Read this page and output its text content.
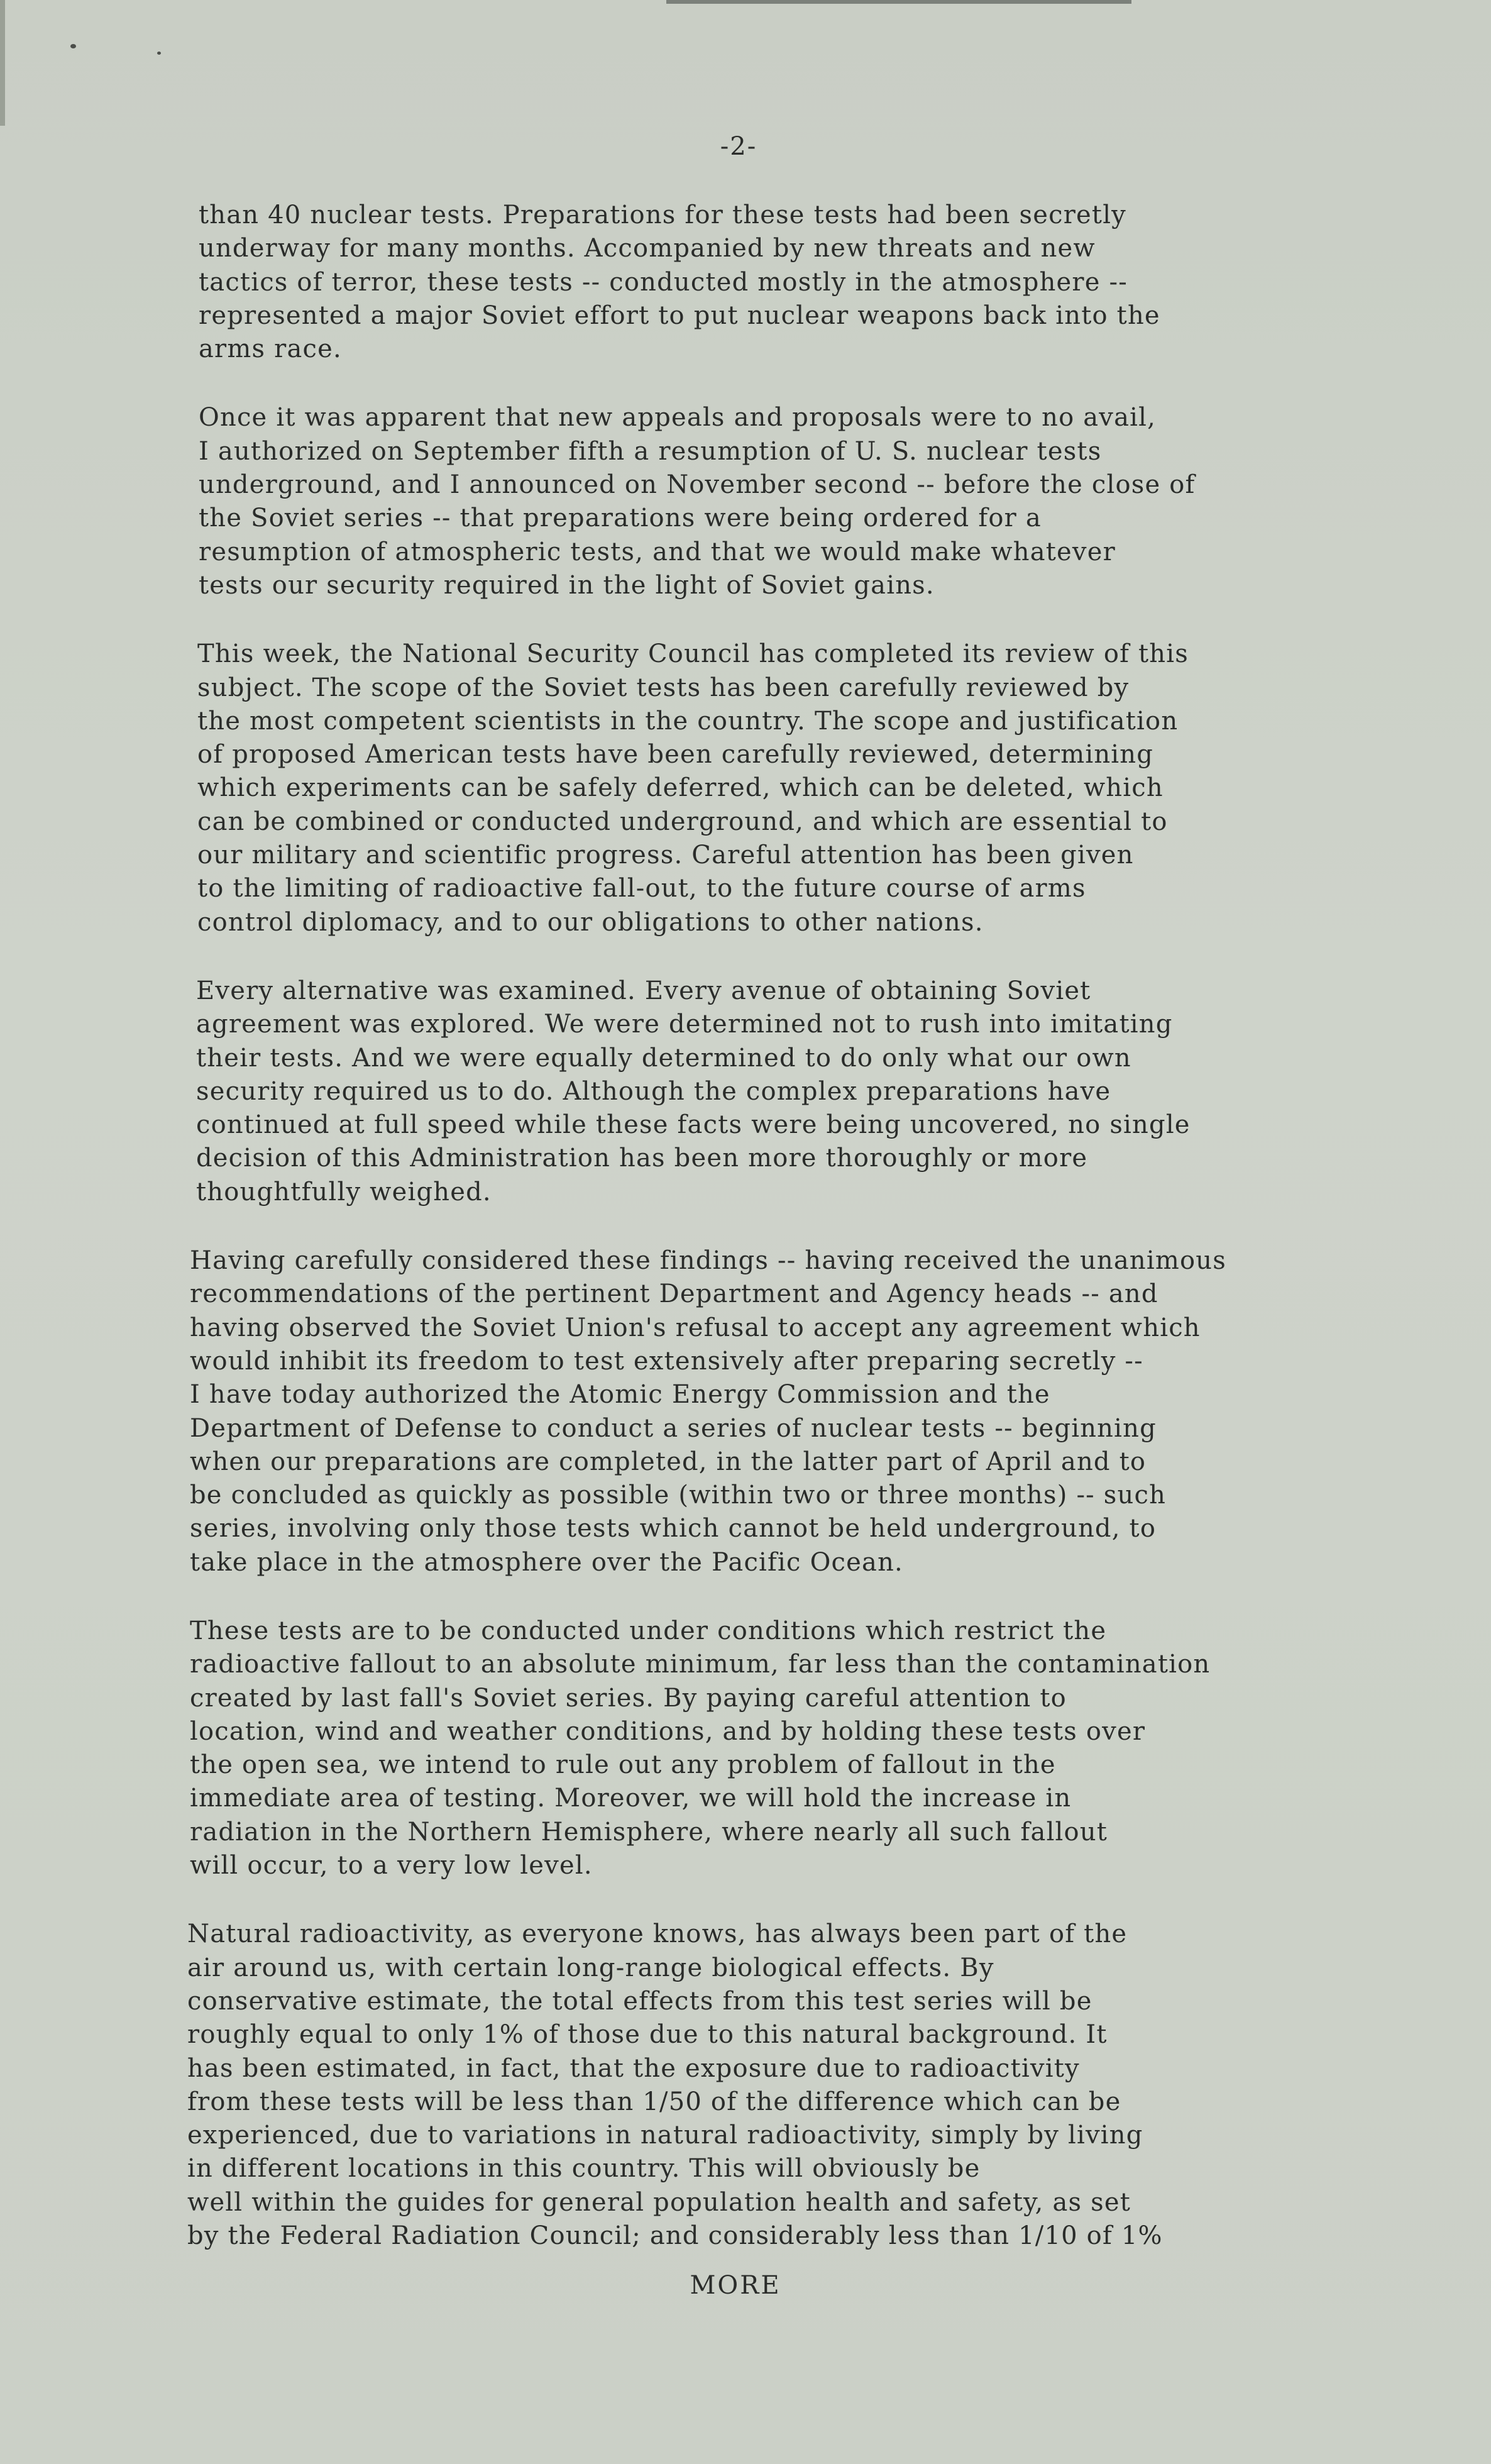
-2-

than 40 nuclear tests. Preparations for these tests had been secretly
underway for many months. Accompanied by new threats and new
tactics of terror, these tests -- conducted mostly in the atmosphere --
represented a major Soviet effort to put nuclear weapons back into the
arms race.

Once it was apparent that new appeals and proposals were to no avail,
I authorized on September fifth a resumption of U. S. nuclear tests
underground, and I announced on November second -- before the close of
the Soviet series -- that preparations were being ordered for a
resumption of atmospheric tests, and that we would make whatever
tests our security required in the light of Soviet gains.

This week, the National Security Council has completed its review of this
subject. The scope of the Soviet tests has been carefully reviewed by
the most competent scientists in the country. The scope and justification
of proposed American tests have been carefully reviewed, determining
which experiments can be safely deferred, which can be deleted, which
can be combined or conducted underground, and which are essential to
our military and scientific progress. Careful attention has been given
to the limiting of radioactive fall-out, to the future course of arms
control diplomacy, and to our obligations to other nations.

Every alternative was examined. Every avenue of obtaining Soviet
agreement was explored. We were determined not to rush into imitating
their tests. And we were equally determined to do only what our own
security required us to do. Although the complex preparations have
continued at full speed while these facts were being uncovered, no single
decision of this Administration has been more thoroughly or more
thoughtfully weighed.

Having carefully considered these findings -- having received the unanimous
recommendations of the pertinent Department and Agency heads -- and
having observed the Soviet Union's refusal to accept any agreement which
would inhibit its freedom to test extensively after preparing secretly --
I have today authorized the Atomic Energy Commission and the
Department of Defense to conduct a series of nuclear tests -- beginning
when our preparations are completed, in the latter part of April and to
be concluded as quickly as possible (within two or three months) -- such
series, involving only those tests which cannot be held underground, to
take place in the atmosphere over the Pacific Ocean.

These tests are to be conducted under conditions which restrict the
radioactive fallout to an absolute minimum, far less than the contamination
created by last fall's Soviet series. By paying careful attention to
location, wind and weather conditions, and by holding these tests over
the open sea, we intend to rule out any problem of fallout in the
immediate area of testing. Moreover, we will hold the increase in
radiation in the Northern Hemisphere, where nearly all such fallout
will occur, to a very low level.

Natural radioactivity, as everyone knows, has always been part of the
air around us, with certain long-range biological effects. By
conservative estimate, the total effects from this test series will be
roughly equal to only 1% of those due to this natural background. It
has been estimated, in fact, that the exposure due to radioactivity
from these tests will be less than 1/50 of the difference which can be
experienced, due to variations in natural radioactivity, simply by living
in different locations in this country. This will obviously be
well within the guides for general population health and safety, as set
by the Federal Radiation Council; and considerably less than 1/10 of 1%

MORE
